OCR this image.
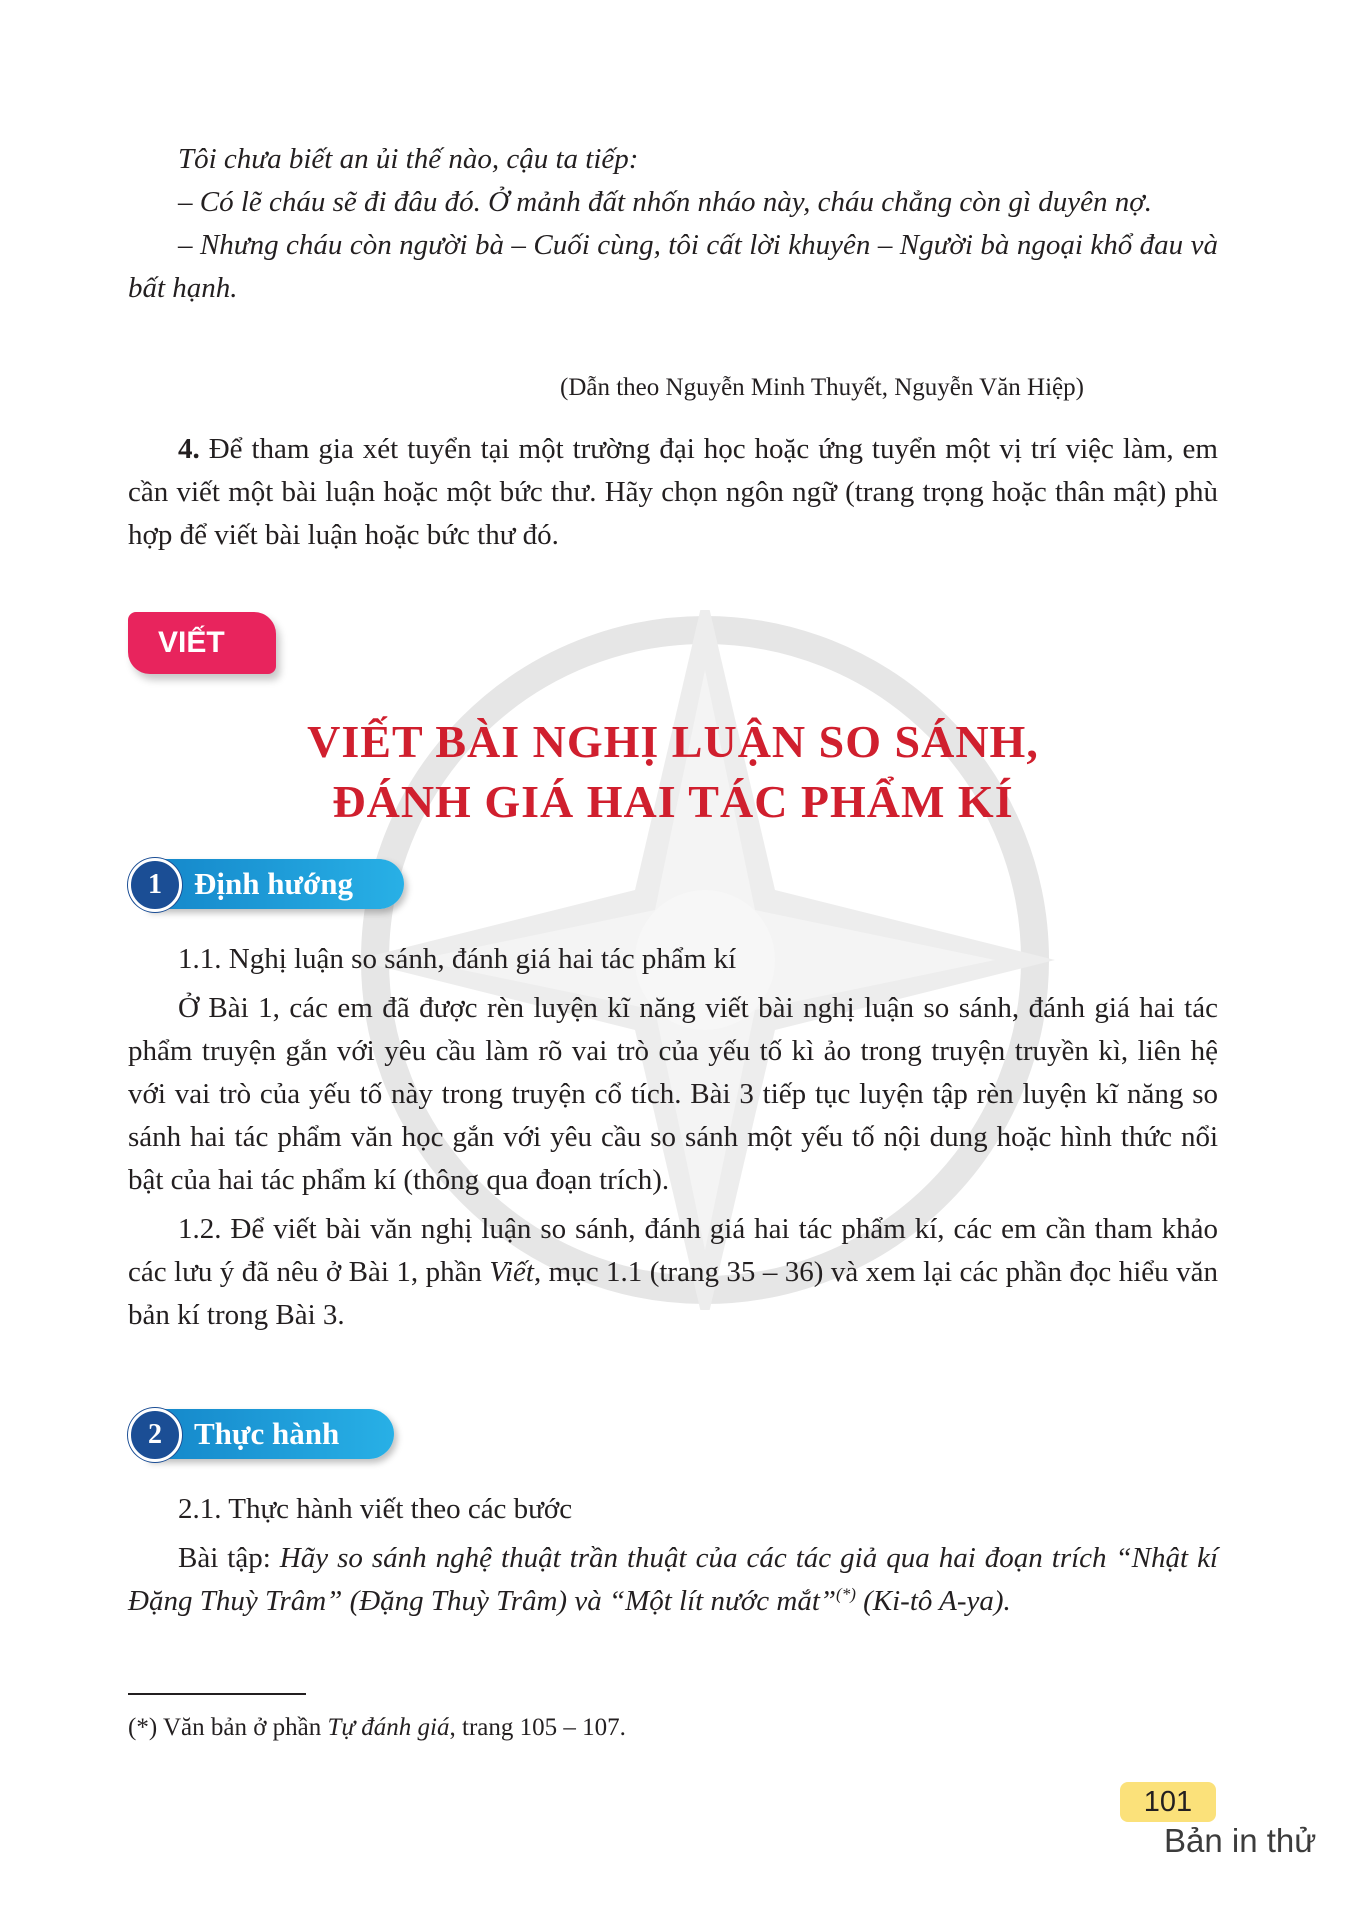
Tôi chưa biết an ủi thế nào, cậu ta tiếp:

– Có lẽ cháu sẽ đi đâu đó. Ở mảnh đất nhốn nháo này, cháu chẳng còn gì duyên nợ.

– Nhưng cháu còn người bà – Cuối cùng, tôi cất lời khuyên – Người bà ngoại khổ đau và bất hạnh.

(Dẫn theo Nguyễn Minh Thuyết, Nguyễn Văn Hiệp)

4. Để tham gia xét tuyển tại một trường đại học hoặc ứng tuyển một vị trí việc làm, em cần viết một bài luận hoặc một bức thư. Hãy chọn ngôn ngữ (trang trọng hoặc thân mật) phù hợp để viết bài luận hoặc bức thư đó.

VIẾT
VIẾT BÀI NGHỊ LUẬN SO SÁNH,
ĐÁNH GIÁ HAI TÁC PHẨM KÍ
Định hướng
1

1.1. Nghị luận so sánh, đánh giá hai tác phẩm kí

Ở Bài 1, các em đã được rèn luyện kĩ năng viết bài nghị luận so sánh, đánh giá hai tác phẩm truyện gắn với yêu cầu làm rõ vai trò của yếu tố kì ảo trong truyện truyền kì, liên hệ với vai trò của yếu tố này trong truyện cổ tích. Bài 3 tiếp tục luyện tập rèn luyện kĩ năng so sánh hai tác phẩm văn học gắn với yêu cầu so sánh một yếu tố nội dung hoặc hình thức nổi bật của hai tác phẩm kí (thông qua đoạn trích).

1.2. Để viết bài văn nghị luận so sánh, đánh giá hai tác phẩm kí, các em cần tham khảo các lưu ý đã nêu ở Bài 1, phần Viết, mục 1.1 (trang 35 – 36) và xem lại các phần đọc hiểu văn bản kí trong Bài 3.

Thực hành
2

2.1. Thực hành viết theo các bước

Bài tập: Hãy so sánh nghệ thuật trần thuật của các tác giả qua hai đoạn trích “Nhật kí Đặng Thuỳ Trâm” (Đặng Thuỳ Trâm) và “Một lít nước mắt”(*) (Ki-tô A-ya).

(*) Văn bản ở phần Tự đánh giá, trang 105 – 107.
101
Bản in thử
